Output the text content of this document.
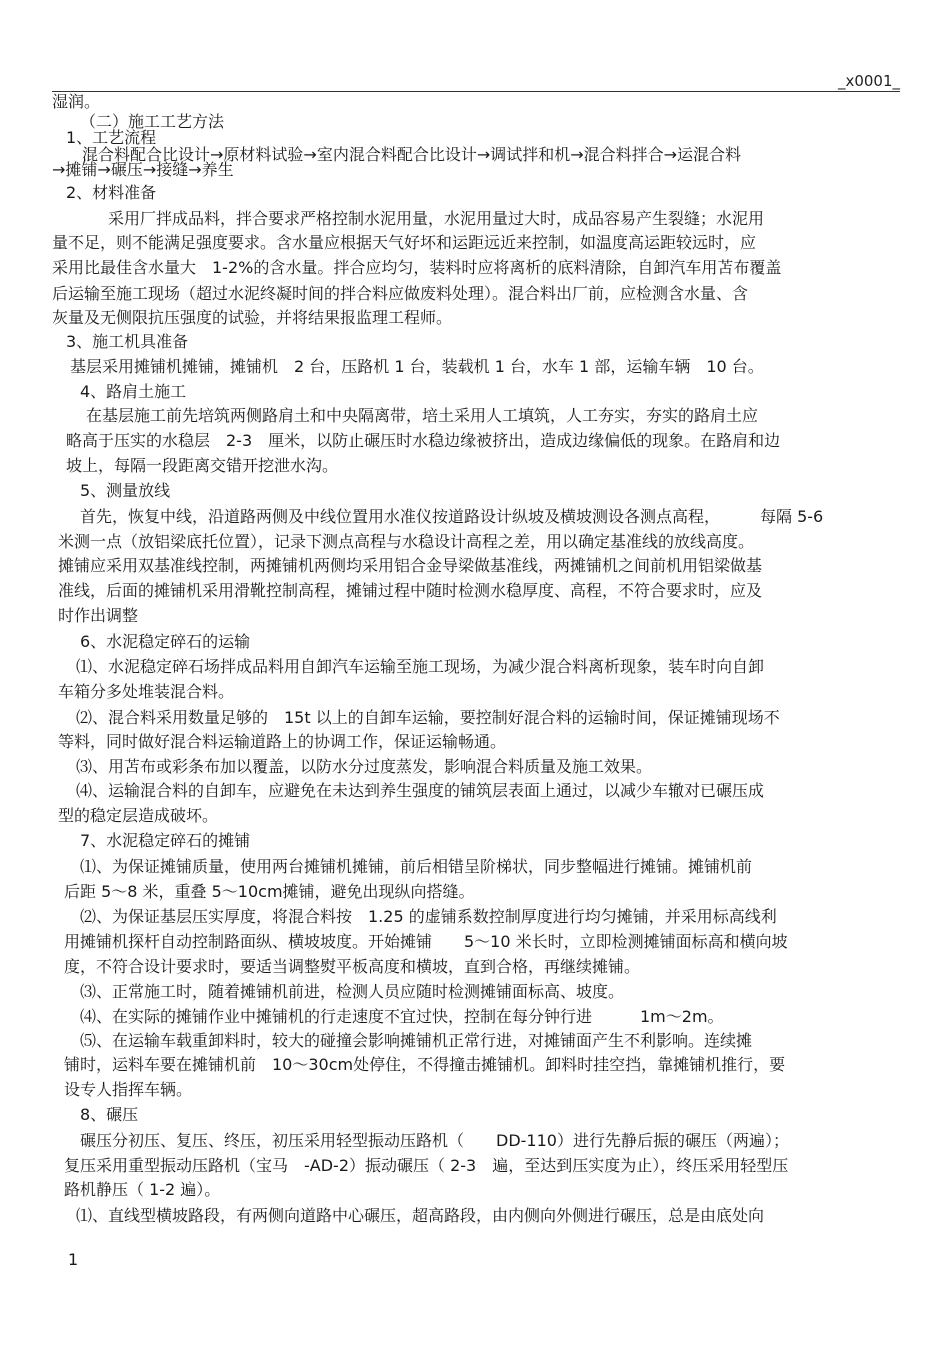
_x0001_
湿润。
（二）施工工艺方法
1、工艺流程
混合料配合比设计→原材料试验→室内混合料配合比设计→调试拌和机→混合料拌合→运混合料
→摊铺→碾压→接缝→养生
2、材料准备
采用厂拌成品料，拌合要求严格控制水泥用量，水泥用量过大时，成品容易产生裂缝；水泥用
量不足，则不能满足强度要求。含水量应根据天气好坏和运距远近来控制，如温度高运距较远时，应
采用比最佳含水量大　1-2%的含水量。拌合应均匀，装料时应将离析的底料清除，自卸汽车用苫布覆盖
后运输至施工现场（超过水泥终凝时间的拌合料应做废料处理）。混合料出厂前，应检测含水量、含
灰量及无侧限抗压强度的试验，并将结果报监理工程师。
3、施工机具准备
基层采用摊铺机摊铺，摊铺机　2 台，压路机 1 台，装载机 1 台，水车 1 部，运输车辆　10 台。
4、路肩土施工
在基层施工前先培筑两侧路肩土和中央隔离带，培土采用人工填筑，人工夯实，夯实的路肩土应
略高于压实的水稳层　2-3　厘米，以防止碾压时水稳边缘被挤出，造成边缘偏低的现象。在路肩和边
坡上，每隔一段距离交错开挖泄水沟。
5、测量放线
首先，恢复中线，沿道路两侧及中线位置用水准仪按道路设计纵坡及横坡测设各测点高程，　　　每隔 5-6
米测一点（放铝梁底托位置），记录下测点高程与水稳设计高程之差，用以确定基准线的放线高度。
摊铺应采用双基准线控制，两摊铺机两侧均采用铝合金导梁做基准线，两摊铺机之间前机用铝梁做基
准线，后面的摊铺机采用滑靴控制高程，摊铺过程中随时检测水稳厚度、高程，不符合要求时，应及
时作出调整
6、水泥稳定碎石的运输
⑴、水泥稳定碎石场拌成品料用自卸汽车运输至施工现场，为减少混合料离析现象，装车时向自卸
车箱分多处堆装混合料。
⑵、混合料采用数量足够的　15t 以上的自卸车运输，要控制好混合料的运输时间，保证摊铺现场不
等料，同时做好混合料运输道路上的协调工作，保证运输畅通。
⑶、用苫布或彩条布加以覆盖，以防水分过度蒸发，影响混合料质量及施工效果。
⑷、运输混合料的自卸车，应避免在未达到养生强度的铺筑层表面上通过，以减少车辙对已碾压成
型的稳定层造成破坏。
7、水泥稳定碎石的摊铺
⑴、为保证摊铺质量，使用两台摊铺机摊铺，前后相错呈阶梯状，同步整幅进行摊铺。摊铺机前
后距 5～8 米，重叠 5～10cm摊铺，避免出现纵向搭缝。
⑵、为保证基层压实厚度，将混合料按　1.25 的虚铺系数控制厚度进行均匀摊铺，并采用标高线利
用摊铺机探杆自动控制路面纵、横坡坡度。开始摊铺　　5～10 米长时，立即检测摊铺面标高和横向坡
度，不符合设计要求时，要适当调整熨平板高度和横坡，直到合格，再继续摊铺。
⑶、正常施工时，随着摊铺机前进，检测人员应随时检测摊铺面标高、坡度。
⑷、在实际的摊铺作业中摊铺机的行走速度不宜过快，控制在每分钟行进　　　1m～2m。
⑸、在运输车载重卸料时，较大的碰撞会影响摊铺机正常行进，对摊铺面产生不利影响。连续摊
铺时，运料车要在摊铺机前　10～30cm处停住，不得撞击摊铺机。卸料时挂空挡，靠摊铺机推行，要
设专人指挥车辆。
8、碾压
碾压分初压、复压、终压，初压采用轻型振动压路机（　　DD-110）进行先静后振的碾压（两遍）；
复压采用重型振动压路机（宝马　-AD-2）振动碾压（ 2-3　遍，至达到压实度为止），终压采用轻型压
路机静压（ 1-2 遍）。
⑴、直线型横坡路段，有两侧向道路中心碾压，超高路段，由内侧向外侧进行碾压，总是由底处向
1
